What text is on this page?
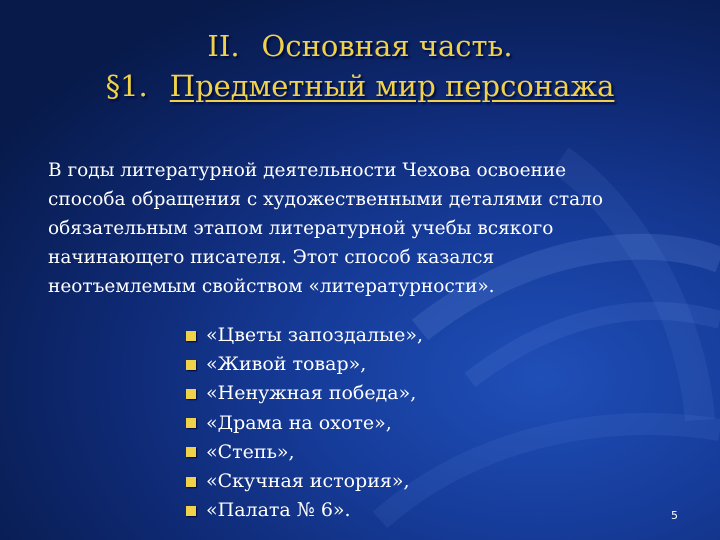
II. Основная часть.
§1. Предметный мир персонажа

В годы литературной деятельности Чехова освоение
способа обращения с художественными деталями стало
обязательным этапом литературной учебы всякого
начинающего писателя. Этот способ казался
неотъемлемым свойством «литературности».

«Цветы запоздалые»,
«Живой товар»,
«Ненужная победа»,
«Драма на охоте»,
«Степь»,
«Скучная история»,
«Палата № 6».	5
